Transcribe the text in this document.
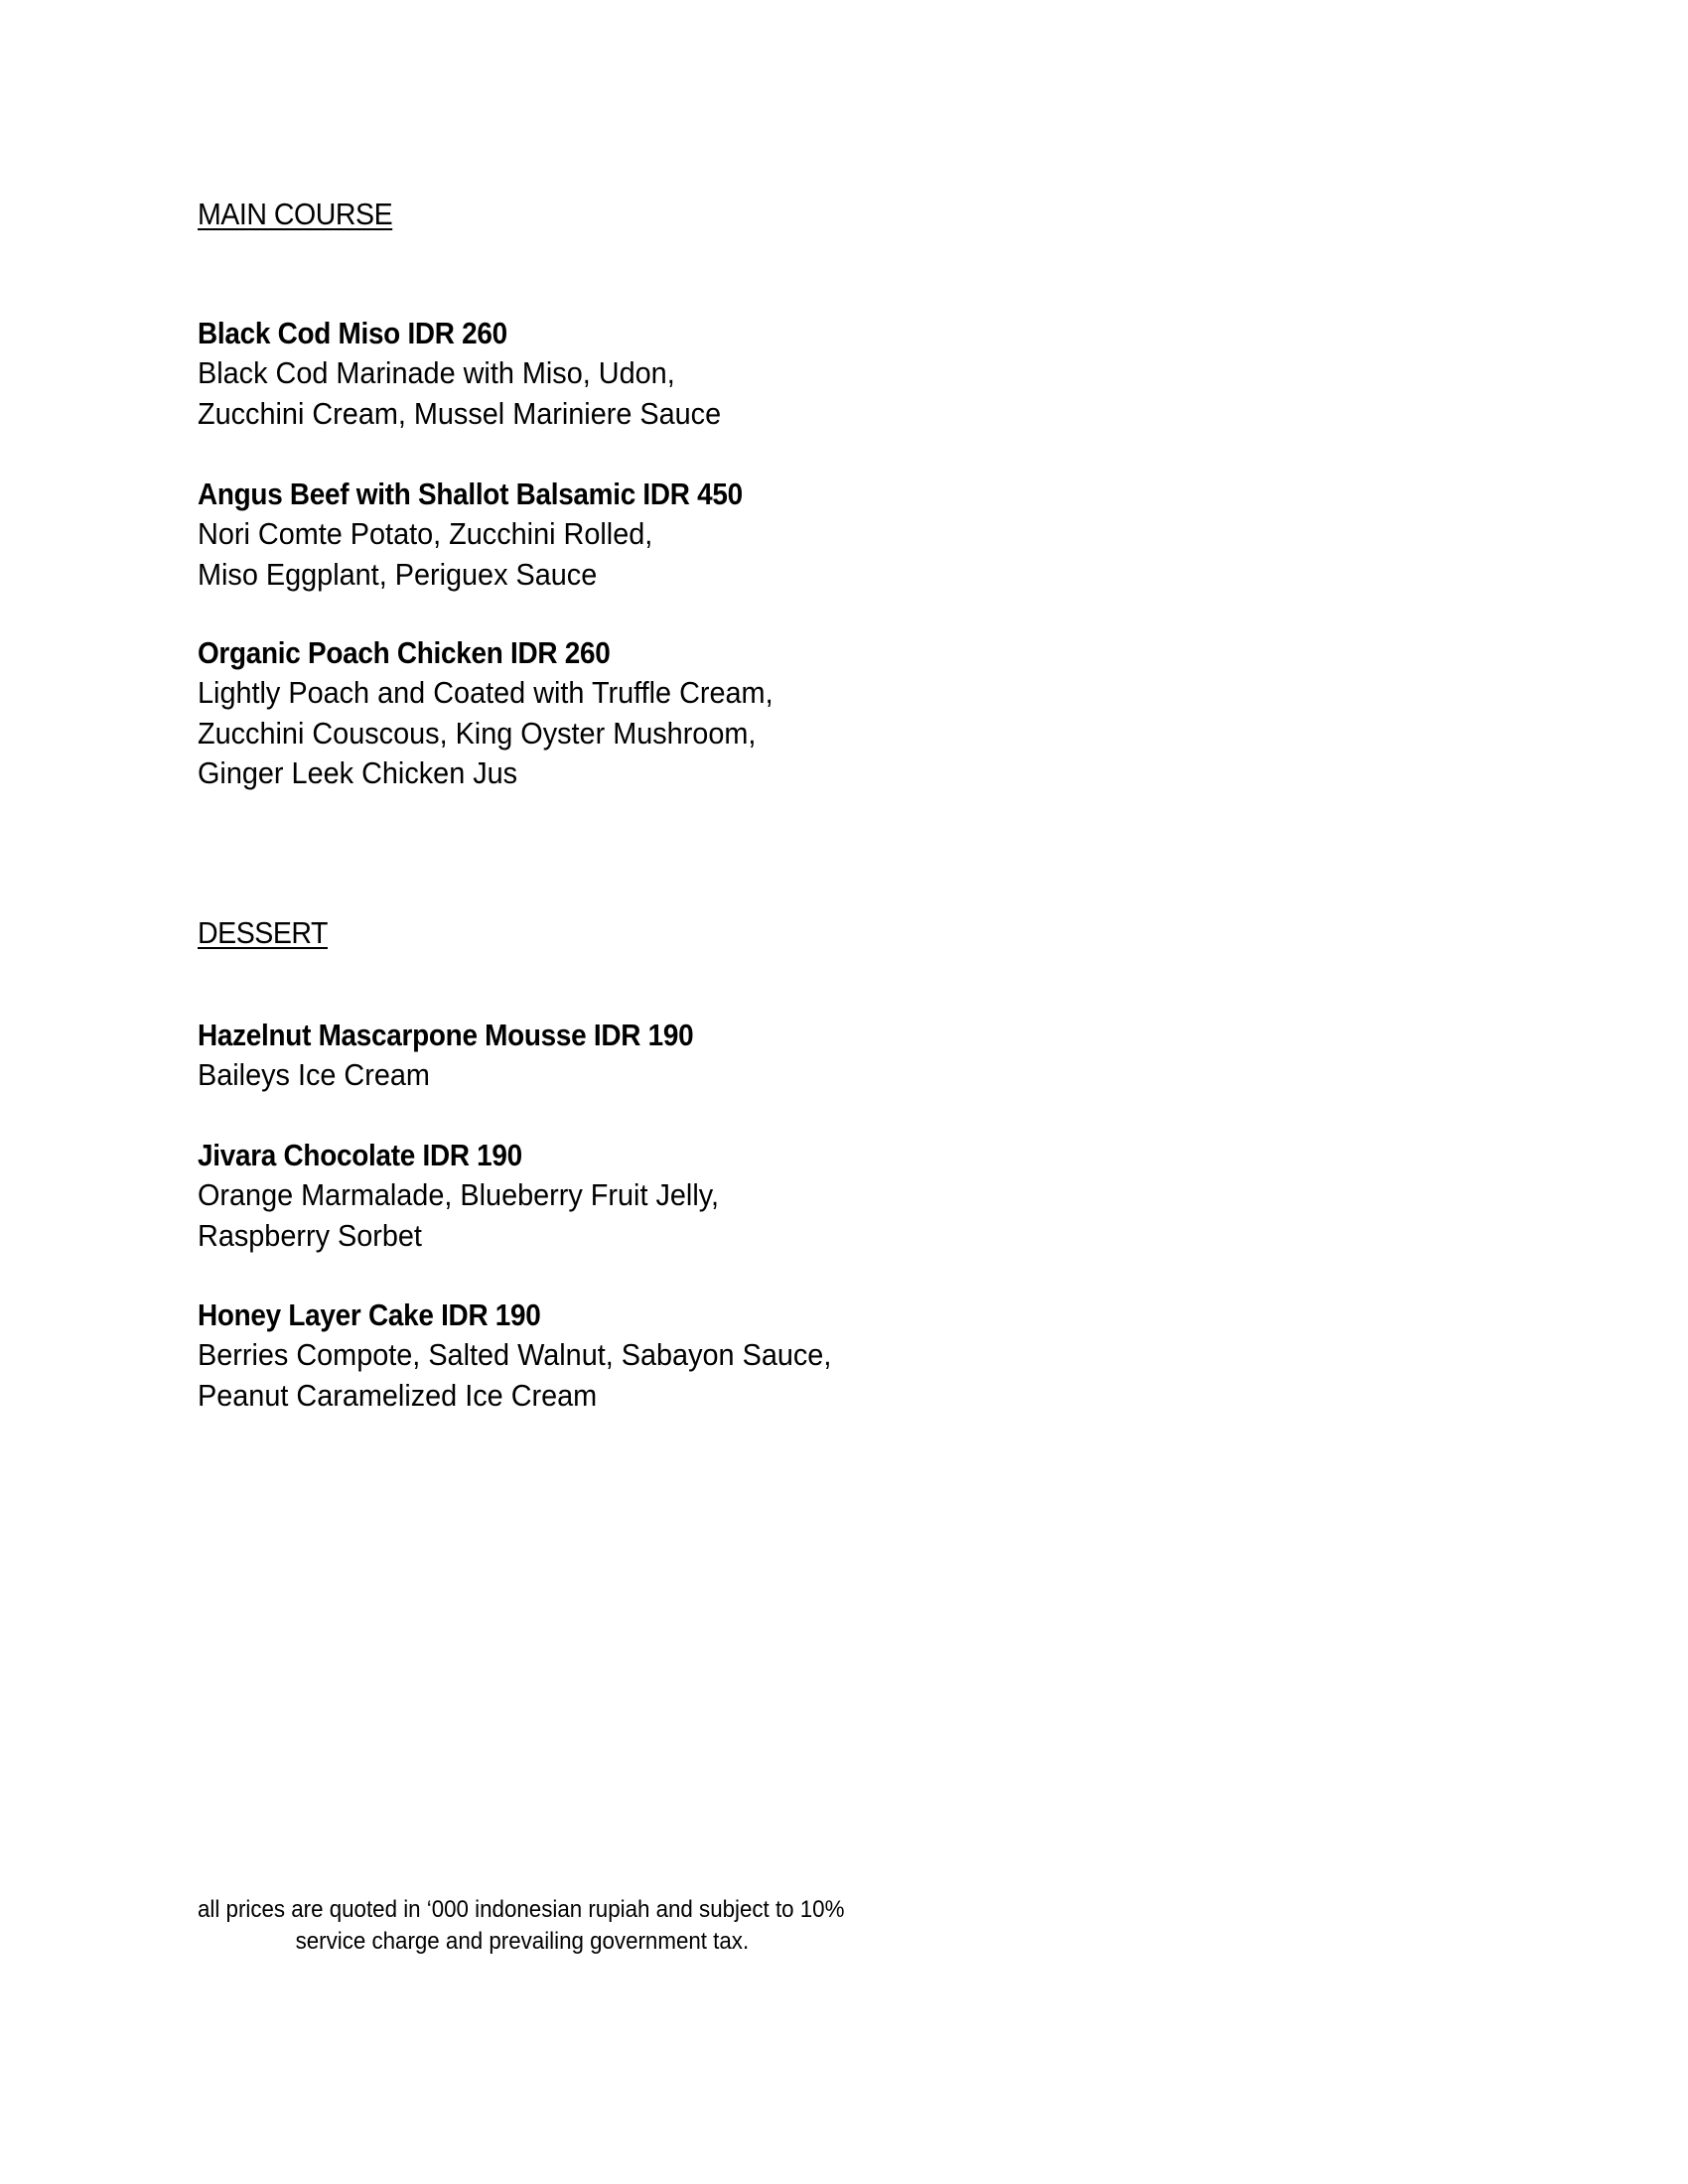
MAIN COURSE
Black Cod Miso IDR 260
Black Cod Marinade with Miso, Udon,
Zucchini Cream, Mussel Mariniere Sauce
Angus Beef with Shallot Balsamic IDR 450
Nori Comte Potato, Zucchini Rolled,
Miso Eggplant, Periguex Sauce
Organic Poach Chicken IDR 260
Lightly Poach and Coated with Truffle Cream,
Zucchini Couscous, King Oyster Mushroom,
Ginger Leek Chicken Jus
DESSERT
Hazelnut Mascarpone Mousse IDR 190
Baileys Ice Cream
Jivara Chocolate IDR 190
Orange Marmalade, Blueberry Fruit Jelly,
Raspberry Sorbet
Honey Layer Cake IDR 190
Berries Compote, Salted Walnut, Sabayon Sauce,
Peanut Caramelized Ice Cream
all prices are quoted in ‘000 indonesian rupiah and subject to 10%
service charge and prevailing government tax.
